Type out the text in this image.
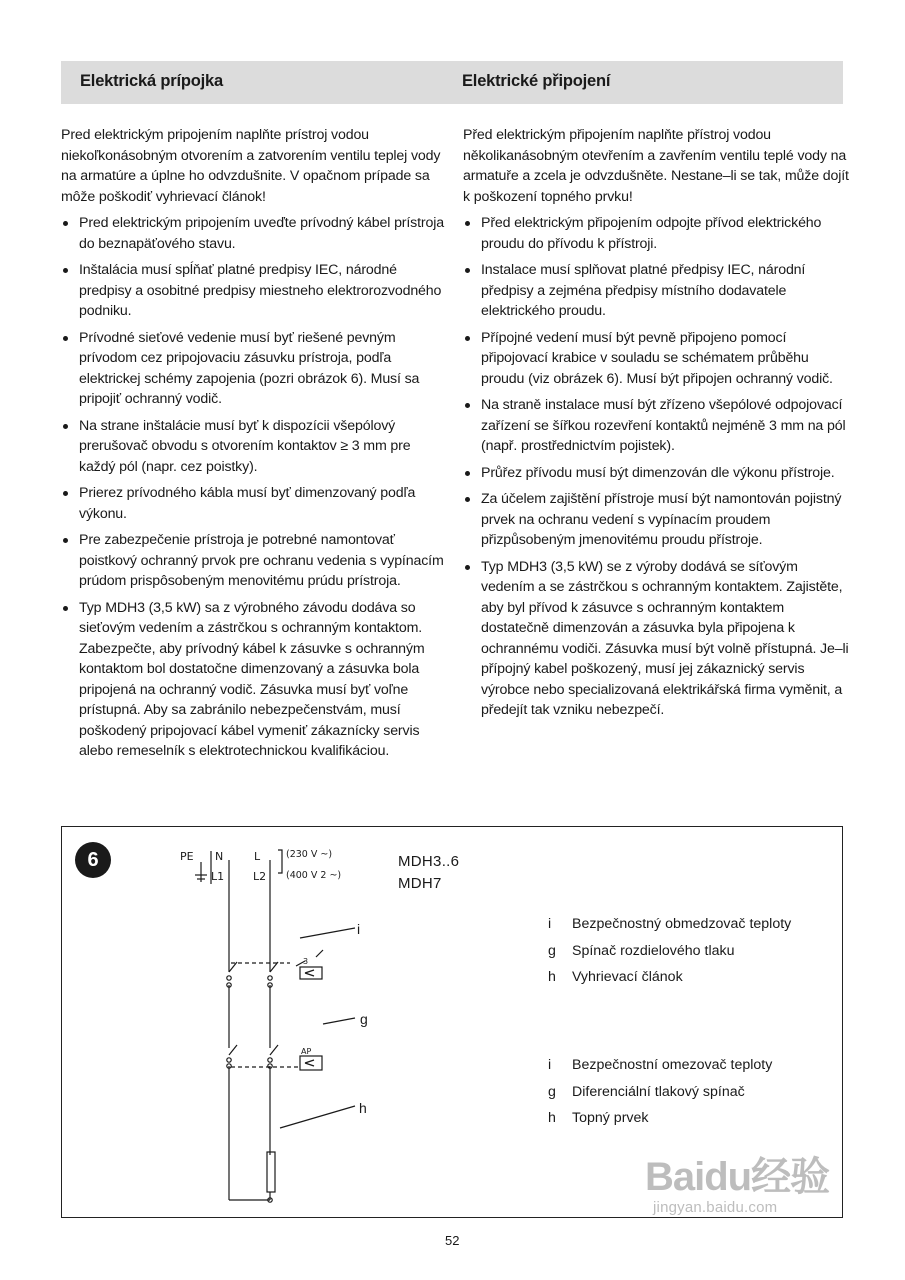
Elektrická prípojka	Elektrické připojení

Pred elektrickým pripojením naplňte prístroj vodou niekoľkonásobným otvorením a zatvorením ventilu teplej vody na armatúre a úplne ho odvzdušnite. V opačnom prípade sa môže poškodiť vyhrievací článok!

Pred elektrickým pripojením uveďte prívodný kábel prístroja do beznapäťového stavu.
Inštalácia musí spĺňať platné predpisy IEC, národné predpisy a osobitné predpisy miestneho elektrorozvodného podniku.
Prívodné sieťové vedenie musí byť riešené pevným prívodom cez pripojovaciu zásuvku prístroja, podľa elektrickej schémy zapojenia (pozri obrázok 6). Musí sa pripojiť ochranný vodič.
Na strane inštalácie musí byť k dispozícii všepólový prerušovač obvodu s otvorením kontaktov ≥ 3 mm pre každý pól (napr. cez poistky).
Prierez prívodného kábla musí byť dimenzovaný podľa výkonu.
Pre zabezpečenie prístroja je potrebné namontovať poistkový ochranný prvok pre ochranu vedenia s vypínacím prúdom prispôsobeným menovitému prúdu prístroja.
Typ MDH3 (3,5 kW) sa z výrobného závodu dodáva so sieťovým vedením a zástrčkou s ochranným kontaktom. Zabezpečte, aby prívodný kábel k zásuvke s ochranným kontaktom bol dostatočne dimenzovaný a zásuvka bola pripojená na ochranný vodič. Zásuvka musí byť voľne prístupná. Aby sa zabránilo nebezpečenstvám, musí poškodený pripojovací kábel vymeniť zákaznícky servis alebo remeselník s elektrotechnickou kvalifikáciou.

Před elektrickým připojením naplňte přístroj vodou několikanásobným otevřením a zavřením ventilu teplé vody na armatuře a zcela je odvzdušněte. Nestane–li se tak, může dojít k poškození topného prvku!

Před elektrickým připojením odpojte přívod elektrického proudu do přívodu k přístroji.
Instalace musí splňovat platné předpisy IEC, národní předpisy a zejména předpisy místního dodavatele elektrického proudu.
Přípojné vedení musí být pevně připojeno pomocí připojovací krabice v souladu se schématem průběhu proudu (viz obrázek 6). Musí být připojen ochranný vodič.
Na straně instalace musí být zřízeno všepólové odpojovací zařízení se šířkou rozevření kontaktů nejméně 3 mm na pól (např. prostřednictvím pojistek).
Průřez přívodu musí být dimenzován dle výkonu přístroje.
Za účelem zajištění přístroje musí být namontován pojistný prvek na ochranu vedení s vypínacím proudem přizpůsobeným jmenovitému proudu přístroje.
Typ MDH3 (3,5 kW) se z výroby dodává se síťovým vedením a se zástrčkou s ochranným kontaktem. Zajistěte, aby byl přívod k zásuvce s ochranným kontaktem dostatečně dimenzován a zásuvka byla připojena k ochrannému vodiči. Zásuvka musí být volně přístupná. Je–li přípojný kabel poškozený, musí jej zákaznický servis výrobce nebo specializovaná elektrikářská firma vyměnit, a předejít tak vzniku nebezpečí.
6	PE N	L
L1	L2
(230 V ~)
(400 V 2 ~)
3
AP
i
g
h
MDH3..6
MDH7
i	Bezpečnostný obmedzovač teploty
g	Spínač rozdielového tlaku
h	Vyhrievací článok
i	Bezpečnostní omezovač teploty
g	Diferenciální tlakový spínač
h	Topný prvek
Baidu经验
jingyan.baidu.com
52
